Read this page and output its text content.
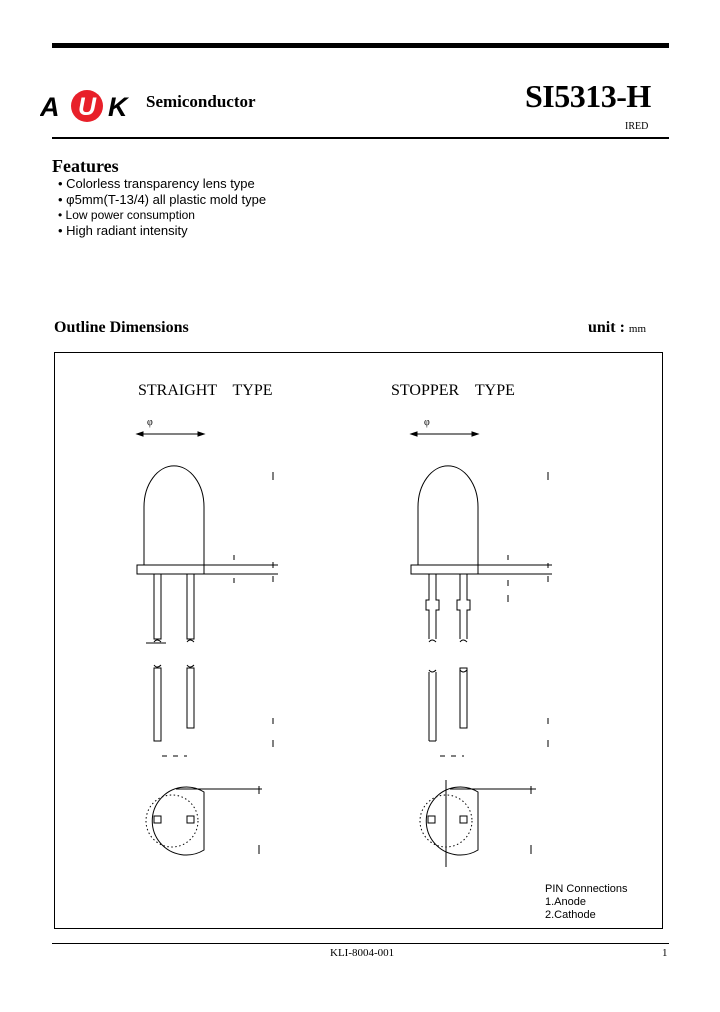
A U K Semiconductor	SI5313-H
IRED
Features
• Colorless transparency lens type
• φ5mm(T-13/4) all plastic mold type
• Low power consumption
• High radiant intensity
Outline Dimensions	unit : mm
STRAIGHT    TYPE	STOPPER    TYPE
φ	φ
PIN Connections
1.Anode
2.Cathode
KLI-8004-001	1
